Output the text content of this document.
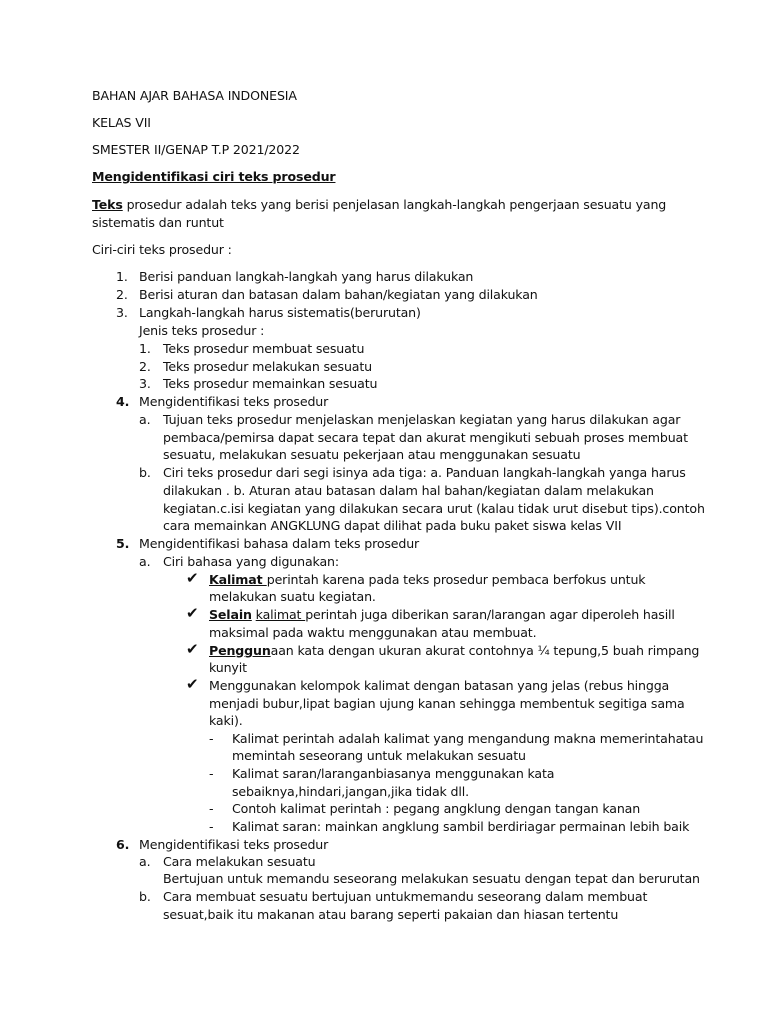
BAHAN AJAR BAHASA INDONESIA
KELAS VII
SMESTER II/GENAP T.P 2021/2022
Mengidentifikasi ciri teks prosedur
Teks prosedur adalah teks yang berisi penjelasan langkah-langkah pengerjaan sesuatu yang
sistematis dan runtut
Ciri-ciri teks prosedur :
1. Berisi panduan langkah-langkah yang harus dilakukan
2. Berisi aturan dan batasan dalam bahan/kegiatan yang dilakukan
3. Langkah-langkah harus sistematis(berurutan)
Jenis teks prosedur :
1. Teks prosedur membuat sesuatu
2. Teks prosedur melakukan sesuatu
3. Teks prosedur memainkan sesuatu
4. Mengidentifikasi teks prosedur
a. Tujuan teks prosedur menjelaskan menjelaskan kegiatan yang harus dilakukan agar
pembaca/pemirsa dapat secara tepat dan akurat mengikuti sebuah proses membuat
sesuatu, melakukan sesuatu pekerjaan atau menggunakan sesuatu
b. Ciri teks prosedur dari segi isinya ada tiga: a. Panduan langkah-langkah yanga harus
dilakukan . b. Aturan atau batasan dalam hal bahan/kegiatan dalam melakukan
kegiatan.c.isi kegiatan yang dilakukan secara urut (kalau tidak urut disebut tips).contoh
cara memainkan ANGKLUNG dapat dilihat pada buku paket siswa kelas VII
5. Mengidentifikasi bahasa dalam teks prosedur
a. Ciri bahasa yang digunakan:
✔ Kalimat perintah karena pada teks prosedur pembaca berfokus untuk
melakukan suatu kegiatan.
✔ Selain kalimat perintah juga diberikan saran/larangan agar diperoleh hasill
maksimal pada waktu menggunakan atau membuat.
✔ Penggunaan kata dengan ukuran akurat contohnya ¼ tepung,5 buah rimpang
kunyit
✔ Menggunakan kelompok kalimat dengan batasan yang jelas (rebus hingga
menjadi bubur,lipat bagian ujung kanan sehingga membentuk segitiga sama
kaki).
- Kalimat perintah adalah kalimat yang mengandung makna memerintahatau
memintah seseorang untuk melakukan sesuatu
- Kalimat saran/laranganbiasanya menggunakan kata
sebaiknya,hindari,jangan,jika tidak dll.
- Contoh kalimat perintah : pegang angklung dengan tangan kanan
- Kalimat saran: mainkan angklung sambil berdiriagar permainan lebih baik
6. Mengidentifikasi teks prosedur
a. Cara melakukan sesuatu
Bertujuan untuk memandu seseorang melakukan sesuatu dengan tepat dan berurutan
b. Cara membuat sesuatu bertujuan untukmemandu seseorang dalam membuat
sesuat,baik itu makanan atau barang seperti pakaian dan hiasan tertentu
